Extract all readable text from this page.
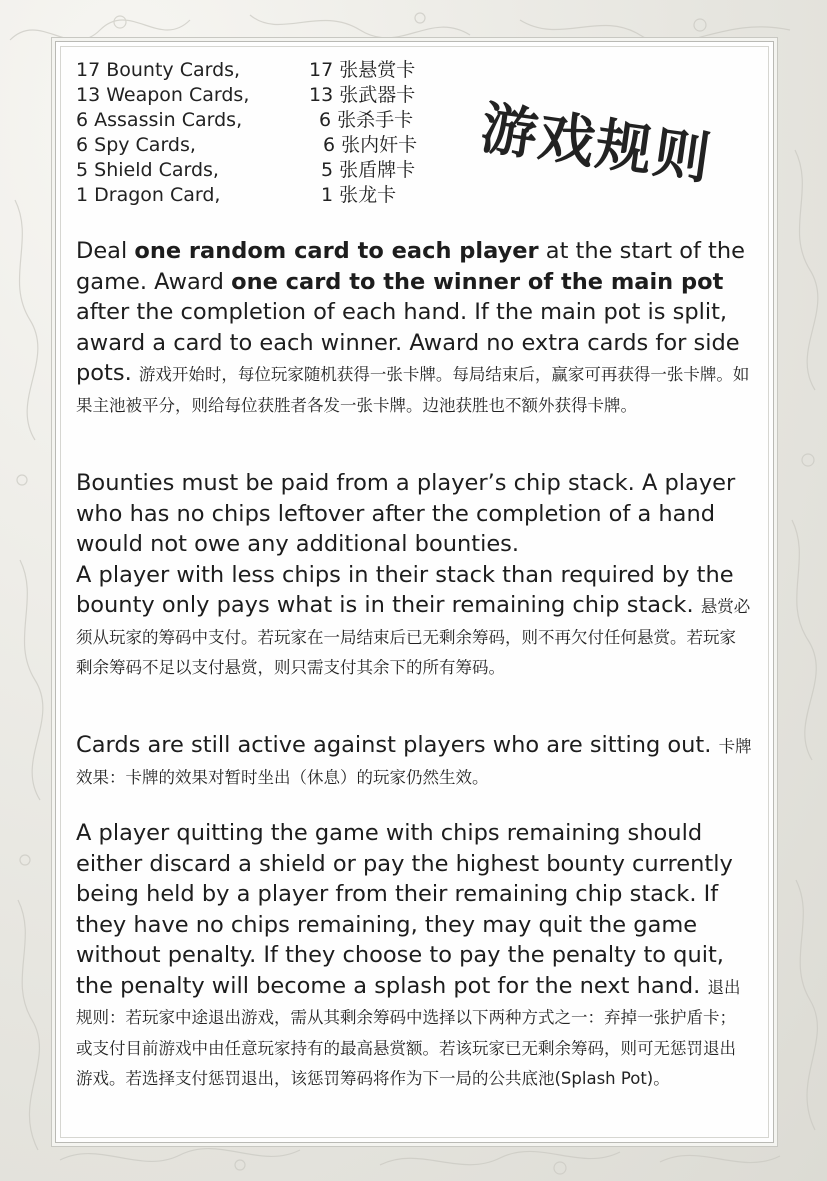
17 Bounty Cards,	17 张悬赏卡
13 Weapon Cards,	13 张武器卡
6 Assassin Cards,	6 张杀手卡
6 Spy Cards,	6 张内奸卡
5 Shield Cards,	5 张盾牌卡
1 Dragon Card,	1 张龙卡
游戏规则
Deal one random card to each player at the start of the game. Award one card to the winner of the main pot after the completion of each hand. If the main pot is split, award a card to each winner. Award no extra cards for side pots. 游戏开始时，每位玩家随机获得一张卡牌。每局结束后，赢家可再获得一张卡牌。如果主池被平分，则给每位获胜者各发一张卡牌。边池获胜也不额外获得卡牌。
Bounties must be paid from a player’s chip stack. A player who has no chips leftover after the completion of a hand would not owe any additional bounties.
A player with less chips in their stack than required by the bounty only pays what is in their remaining chip stack. 悬赏必须从玩家的筹码中支付。若玩家在一局结束后已无剩余筹码，则不再欠付任何悬赏。若玩家剩余筹码不足以支付悬赏，则只需支付其余下的所有筹码。
Cards are still active against players who are sitting out. 卡牌效果：卡牌的效果对暂时坐出（休息）的玩家仍然生效。
A player quitting the game with chips remaining should either discard a shield or pay the highest bounty currently being held by a player from their remaining chip stack. If they have no chips remaining, they may quit the game without penalty. If they choose to pay the penalty to quit, the penalty will become a splash pot for the next hand. 退出规则：若玩家中途退出游戏，需从其剩余筹码中选择以下两种方式之一：弃掉一张护盾卡；或支付目前游戏中由任意玩家持有的最高悬赏额。若该玩家已无剩余筹码，则可无惩罚退出游戏。若选择支付惩罚退出，该惩罚筹码将作为下一局的公共底池(Splash Pot)。
